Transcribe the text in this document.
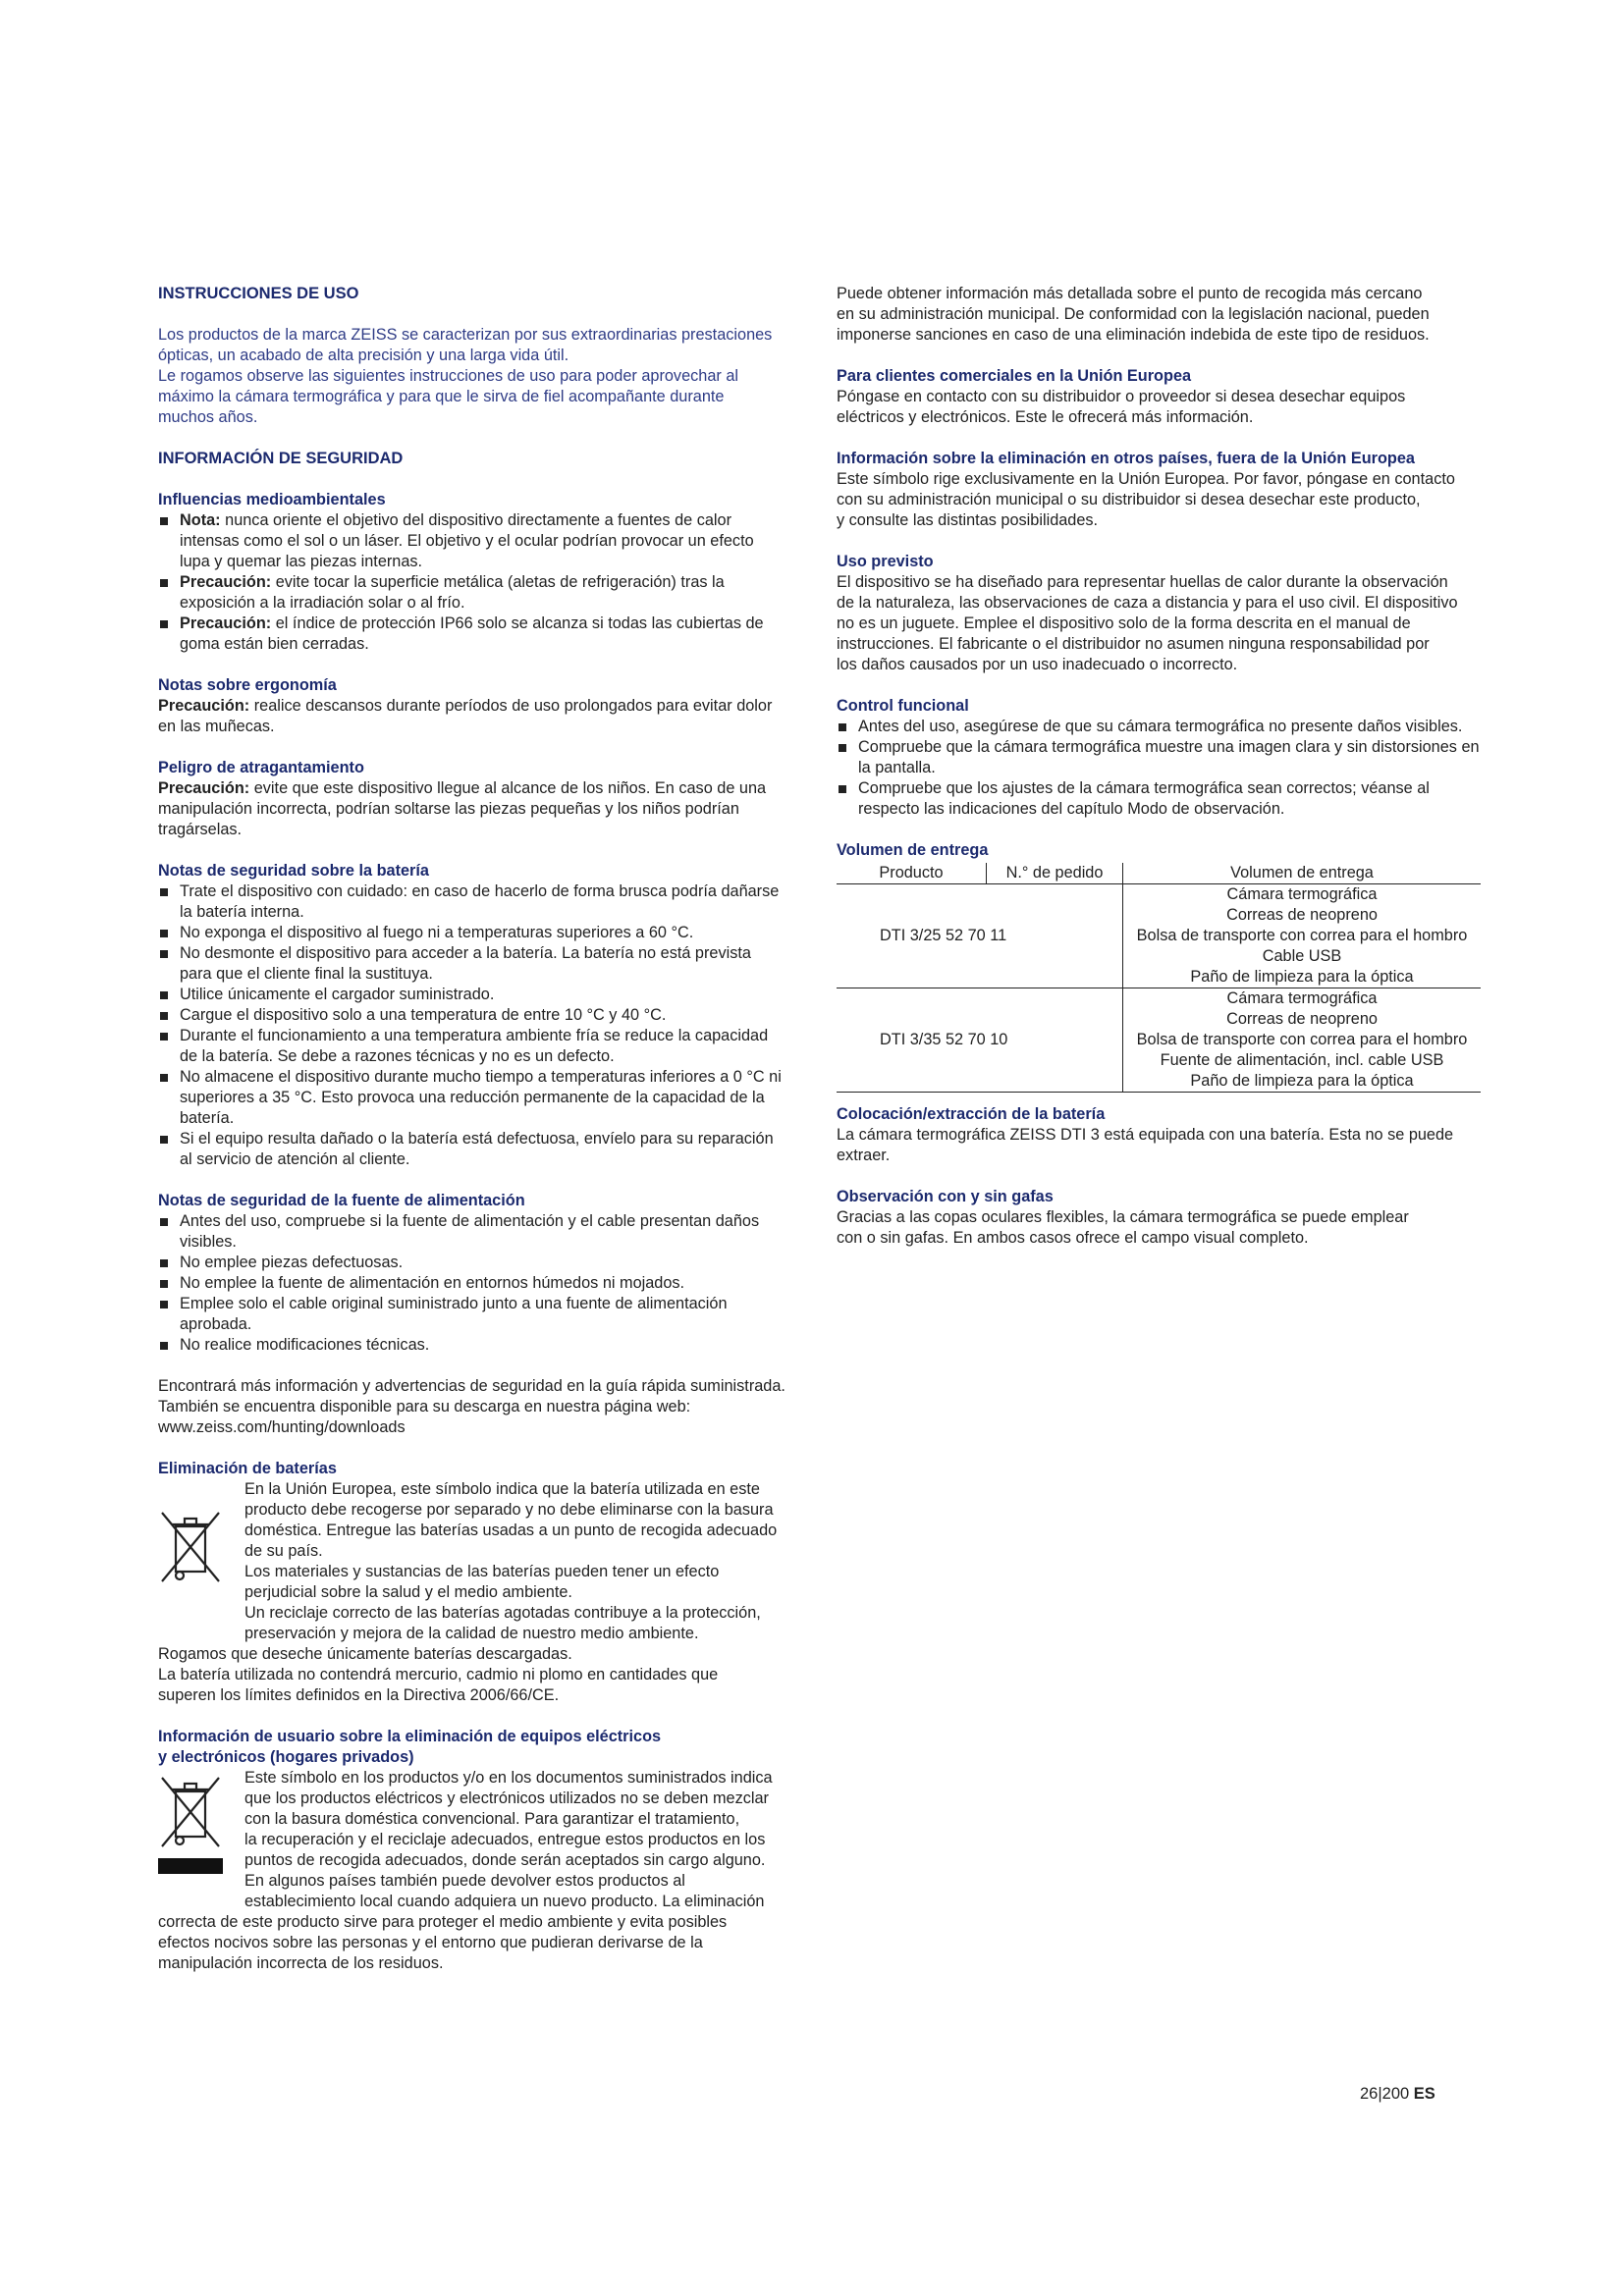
INSTRUCCIONES DE USO

Los productos de la marca ZEISS se caracterizan por sus extraordinarias prestaciones
ópticas, un acabado de alta precisión y una larga vida útil.
Le rogamos observe las siguientes instrucciones de uso para poder aprovechar al
máximo la cámara termográfica y para que le sirva de fiel acompañante durante
muchos años.

INFORMACIÓN DE SEGURIDAD

Influencias medioambientales

Nota: nunca oriente el objetivo del dispositivo directamente a fuentes de calor intensas como el sol o un láser. El objetivo y el ocular podrían provocar un efecto lupa y quemar las piezas internas.
Precaución: evite tocar la superficie metálica (aletas de refrigeración) tras la exposición a la irradiación solar o al frío.
Precaución: el índice de protección IP66 solo se alcanza si todas las cubiertas de goma están bien cerradas.

Notas sobre ergonomía

Precaución: realice descansos durante períodos de uso prolongados para evitar dolor en las muñecas.

Peligro de atragantamiento

Precaución: evite que este dispositivo llegue al alcance de los niños. En caso de una manipulación incorrecta, podrían soltarse las piezas pequeñas y los niños podrían tragárselas.

Notas de seguridad sobre la batería

Trate el dispositivo con cuidado: en caso de hacerlo de forma brusca podría dañarse la batería interna.
No exponga el dispositivo al fuego ni a temperaturas superiores a 60 °C.
No desmonte el dispositivo para acceder a la batería. La batería no está prevista para que el cliente final la sustituya.
Utilice únicamente el cargador suministrado.
Cargue el dispositivo solo a una temperatura de entre 10 °C y 40 °C.
Durante el funcionamiento a una temperatura ambiente fría se reduce la capacidad de la batería. Se debe a razones técnicas y no es un defecto.
No almacene el dispositivo durante mucho tiempo a temperaturas inferiores a 0 °C ni superiores a 35 °C. Esto provoca una reducción permanente de la capacidad de la batería.
Si el equipo resulta dañado o la batería está defectuosa, envíelo para su reparación al servicio de atención al cliente.

Notas de seguridad de la fuente de alimentación

Antes del uso, compruebe si la fuente de alimentación y el cable presentan daños visibles.
No emplee piezas defectuosas.
No emplee la fuente de alimentación en entornos húmedos ni mojados.
Emplee solo el cable original suministrado junto a una fuente de alimentación aprobada.
No realice modificaciones técnicas.
Encontrará más información y advertencias de seguridad en la guía rápida suministrada.
También se encuentra disponible para su descarga en nuestra página web:
www.zeiss.com/hunting/downloads

Eliminación de baterías

En la Unión Europea, este símbolo indica que la batería utilizada en este
producto debe recogerse por separado y no debe eliminarse con la basura
doméstica. Entregue las baterías usadas a un punto de recogida adecuado
de su país.
Los materiales y sustancias de las baterías pueden tener un efecto
perjudicial sobre la salud y el medio ambiente.
Un reciclaje correcto de las baterías agotadas contribuye a la protección,
preservación y mejora de la calidad de nuestro medio ambiente.
Rogamos que deseche únicamente baterías descargadas.
La batería utilizada no contendrá mercurio, cadmio ni plomo en cantidades que
superen los límites definidos en la Directiva 2006/66/CE.

Información de usuario sobre la eliminación de equipos eléctricos
y electrónicos (hogares privados)

Este símbolo en los productos y/o en los documentos suministrados indica
que los productos eléctricos y electrónicos utilizados no se deben mezclar
con la basura doméstica convencional. Para garantizar el tratamiento,
la recuperación y el reciclaje adecuados, entregue estos productos en los
puntos de recogida adecuados, donde serán aceptados sin cargo alguno.
En algunos países también puede devolver estos productos al
establecimiento local cuando adquiera un nuevo producto. La eliminación
correcta de este producto sirve para proteger el medio ambiente y evita posibles
efectos nocivos sobre las personas y el entorno que pudieran derivarse de la
manipulación incorrecta de los residuos.
Puede obtener información más detallada sobre el punto de recogida más cercano
en su administración municipal. De conformidad con la legislación nacional, pueden
imponerse sanciones en caso de una eliminación indebida de este tipo de residuos.

Para clientes comerciales en la Unión Europea

Póngase en contacto con su distribuidor o proveedor si desea desechar equipos
eléctricos y electrónicos. Este le ofrecerá más información.

Información sobre la eliminación en otros países, fuera de la Unión Europea

Este símbolo rige exclusivamente en la Unión Europea. Por favor, póngase en contacto
con su administración municipal o su distribuidor si desea desechar este producto,
y consulte las distintas posibilidades.

Uso previsto

El dispositivo se ha diseñado para representar huellas de calor durante la observación
de la naturaleza, las observaciones de caza a distancia y para el uso civil. El dispositivo
no es un juguete. Emplee el dispositivo solo de la forma descrita en el manual de
instrucciones. El fabricante o el distribuidor no asumen ninguna responsabilidad por
los daños causados por un uso inadecuado o incorrecto.

Control funcional

Antes del uso, asegúrese de que su cámara termográfica no presente daños visibles.
Compruebe que la cámara termográfica muestre una imagen clara y sin distorsiones en la pantalla.
Compruebe que los ajustes de la cámara termográfica sean correctos; véanse al respecto las indicaciones del capítulo Modo de observación.

Volumen de entrega

Producto	N.° de pedido	Volumen de entrega
DTI 3/25 52 70 11		Cámara termográfica
Correas de neopreno
Bolsa de transporte con correa para el hombro
Cable USB
Paño de limpieza para la óptica

DTI 3/35 52 70 10		Cámara termográfica
Correas de neopreno
Bolsa de transporte con correa para el hombro
Fuente de alimentación, incl. cable USB
Paño de limpieza para la óptica

Colocación/extracción de la batería

La cámara termográfica ZEISS DTI 3 está equipada con una batería. Esta no se puede
extraer.

Observación con y sin gafas

Gracias a las copas oculares flexibles, la cámara termográfica se puede emplear
con o sin gafas. En ambos casos ofrece el campo visual completo.
26|200 ES
